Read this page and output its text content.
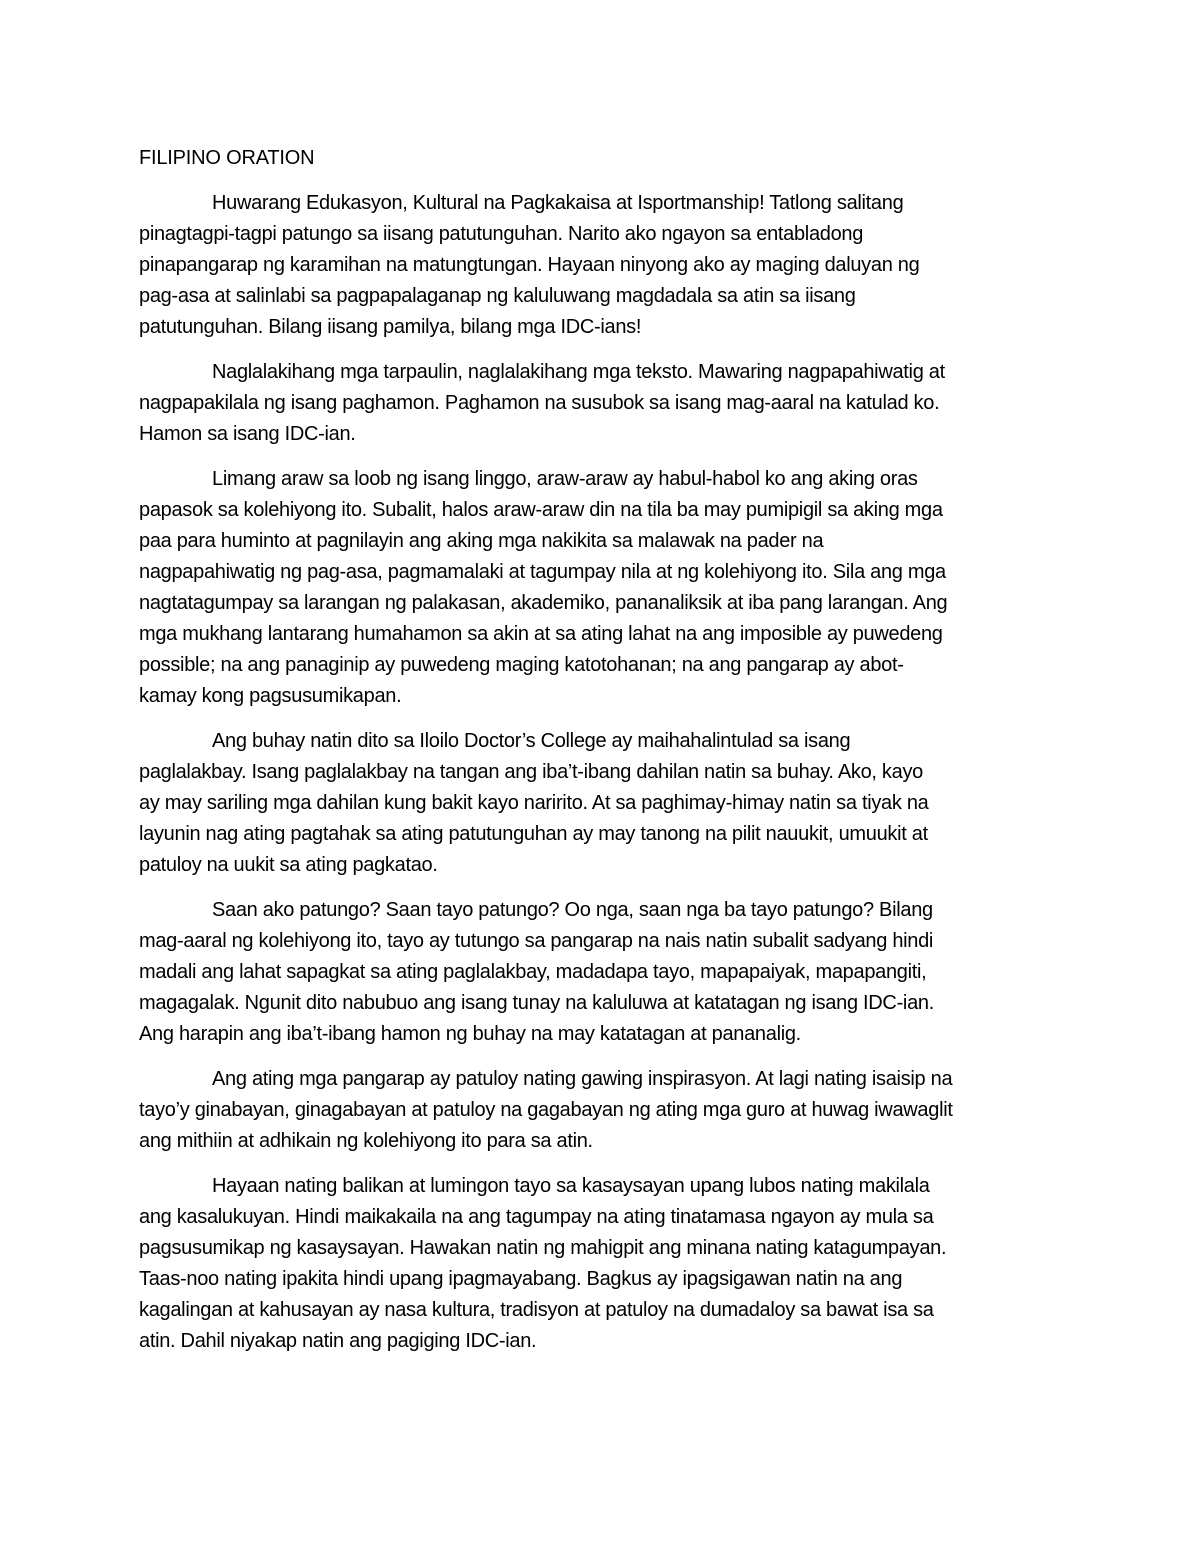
FILIPINO ORATION
Huwarang Edukasyon, Kultural na Pagkakaisa at Isportmanship! Tatlong salitang
pinagtagpi-tagpi patungo sa iisang patutunguhan. Narito ako ngayon sa entabladong
pinapangarap ng karamihan na matungtungan. Hayaan ninyong ako ay maging daluyan ng
pag-asa at salinlabi sa pagpapalaganap ng kaluluwang magdadala sa atin sa iisang
patutunguhan. Bilang iisang pamilya, bilang mga IDC-ians!
Naglalakihang mga tarpaulin, naglalakihang mga teksto. Mawaring nagpapahiwatig at
nagpapakilala ng isang paghamon. Paghamon na susubok sa isang mag-aaral na katulad ko.
Hamon sa isang IDC-ian.
Limang araw sa loob ng isang linggo, araw-araw ay habul-habol ko ang aking oras
papasok sa kolehiyong ito. Subalit, halos araw-araw din na tila ba may pumipigil sa aking mga
paa para huminto at pagnilayin ang aking mga nakikita sa malawak na pader na
nagpapahiwatig ng pag-asa, pagmamalaki at tagumpay nila at ng kolehiyong ito. Sila ang mga
nagtatagumpay sa larangan ng palakasan, akademiko, pananaliksik at iba pang larangan. Ang
mga mukhang lantarang humahamon sa akin at sa ating lahat na ang imposible ay puwedeng
possible; na ang panaginip ay puwedeng maging katotohanan; na ang pangarap ay abot-
kamay kong pagsusumikapan.
Ang buhay natin dito sa Iloilo Doctor’s College ay maihahalintulad sa isang
paglalakbay. Isang paglalakbay na tangan ang iba’t-ibang dahilan natin sa buhay. Ako, kayo
ay may sariling mga dahilan kung bakit kayo naririto. At sa paghimay-himay natin sa tiyak na
layunin nag ating pagtahak sa ating patutunguhan ay may tanong na pilit nauukit, umuukit at
patuloy na uukit sa ating pagkatao.
Saan ako patungo? Saan tayo patungo? Oo nga, saan nga ba tayo patungo? Bilang
mag-aaral ng kolehiyong ito, tayo ay tutungo sa pangarap na nais natin subalit sadyang hindi
madali ang lahat sapagkat sa ating paglalakbay, madadapa tayo, mapapaiyak, mapapangiti,
magagalak. Ngunit dito nabubuo ang isang tunay na kaluluwa at katatagan ng isang IDC-ian.
Ang harapin ang iba’t-ibang hamon ng buhay na may katatagan at pananalig.
Ang ating mga pangarap ay patuloy nating gawing inspirasyon. At lagi nating isaisip na
tayo’y ginabayan, ginagabayan at patuloy na gagabayan ng ating mga guro at huwag iwawaglit
ang mithiin at adhikain ng kolehiyong ito para sa atin.
Hayaan nating balikan at lumingon tayo sa kasaysayan upang lubos nating makilala
ang kasalukuyan. Hindi maikakaila na ang tagumpay na ating tinatamasa ngayon ay mula sa
pagsusumikap ng kasaysayan. Hawakan natin ng mahigpit ang minana nating katagumpayan.
Taas-noo nating ipakita hindi upang ipagmayabang. Bagkus ay ipagsigawan natin na ang
kagalingan at kahusayan ay nasa kultura, tradisyon at patuloy na dumadaloy sa bawat isa sa
atin. Dahil niyakap natin ang pagiging IDC-ian.
